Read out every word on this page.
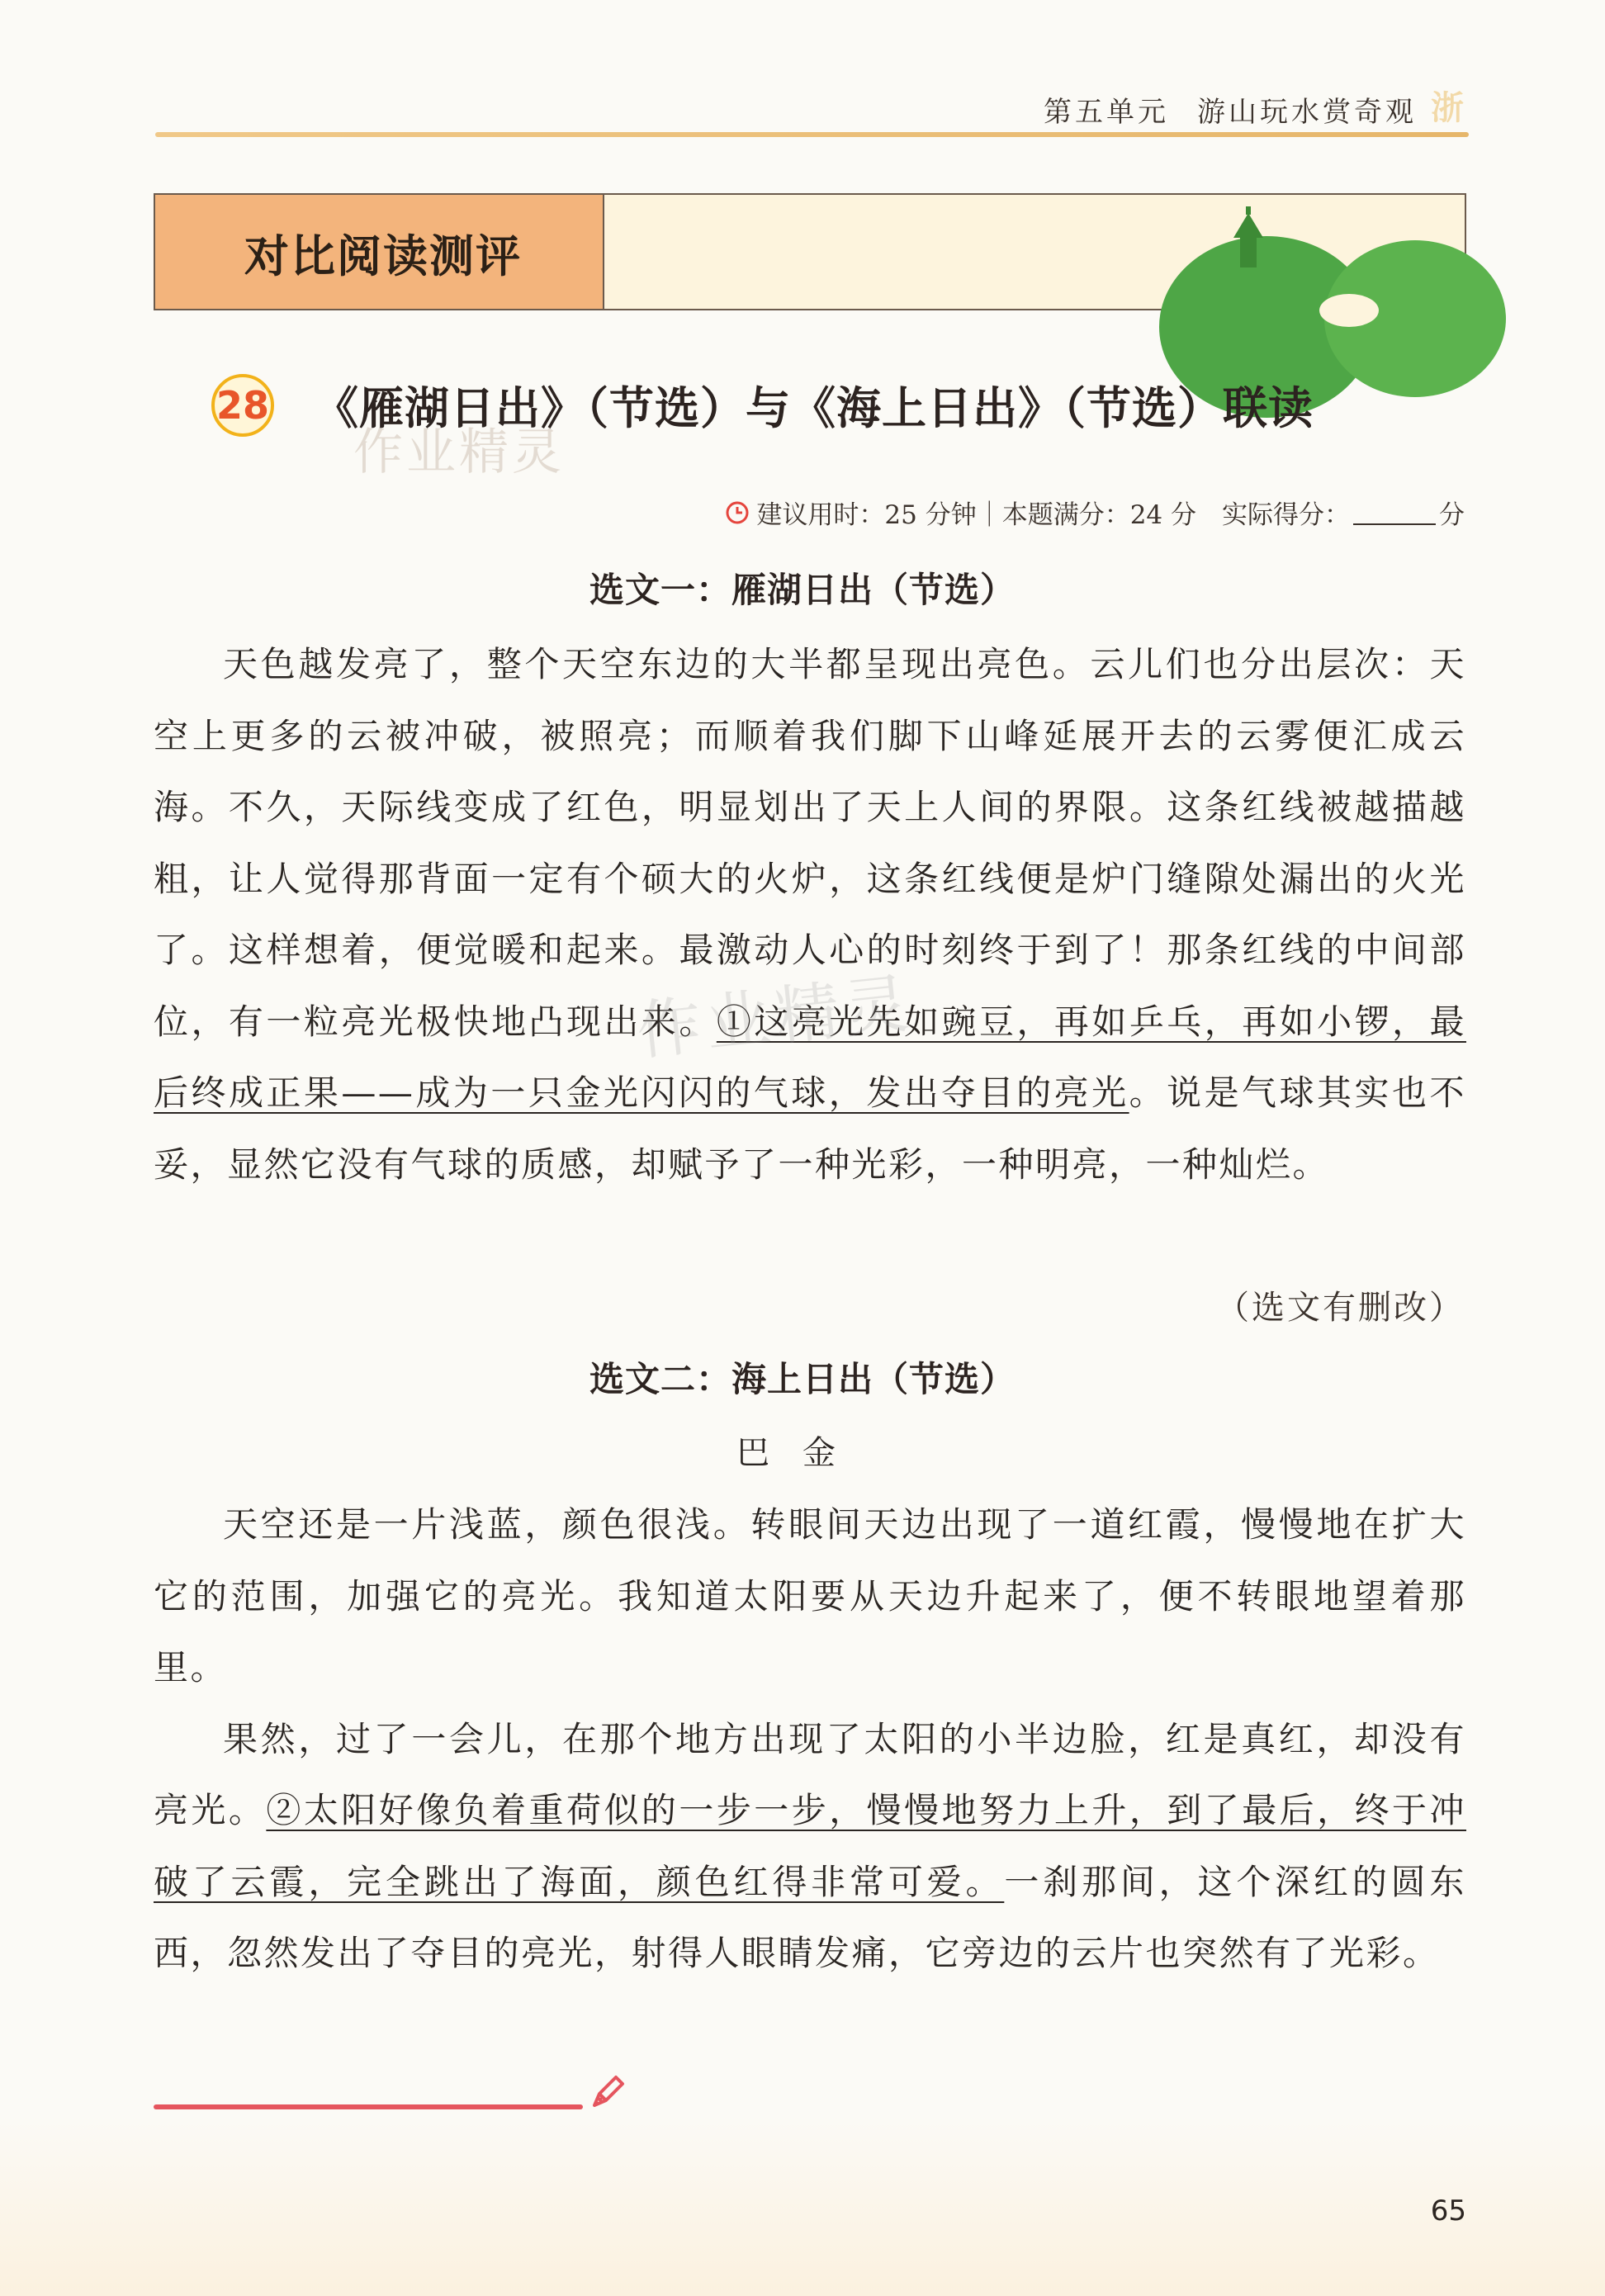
第五单元 游山玩水赏奇观 浙
作业精灵
对比阅读测评
28 《雁湖日出》（节选）与《海上日出》（节选）联读
建议用时：25 分钟｜本题满分：24 分　实际得分：	分
选文一：雁湖日出（节选）

天色越发亮了，整个天空东边的大半都呈现出亮色。云儿们也分出层次：天空上更多的云被冲破，被照亮；而顺着我们脚下山峰延展开去的云雾便汇成云海。不久，天际线变成了红色，明显划出了天上人间的界限。这条红线被越描越粗，让人觉得那背面一定有个硕大的火炉，这条红线便是炉门缝隙处漏出的火光了。这样想着，便觉暖和起来。最激动人心的时刻终于到了！那条红线的中间部位，有一粒亮光极快地凸现出来。①这亮光先如豌豆，再如乒乓，再如小锣，最后终成正果——成为一只金光闪闪的气球，发出夺目的亮光。说是气球其实也不妥，显然它没有气球的质感，却赋予了一种光彩，一种明亮，一种灿烂。

（选文有删改）
选文二：海上日出（节选）
巴金

天空还是一片浅蓝，颜色很浅。转眼间天边出现了一道红霞，慢慢地在扩大它的范围，加强它的亮光。我知道太阳要从天边升起来了，便不转眼地望着那里。

果然，过了一会儿，在那个地方出现了太阳的小半边脸，红是真红，却没有亮光。②太阳好像负着重荷似的一步一步，慢慢地努力上升，到了最后，终于冲破了云霞，完全跳出了海面，颜色红得非常可爱。一刹那间，这个深红的圆东西，忽然发出了夺目的亮光，射得人眼睛发痛，它旁边的云片也突然有了光彩。

作业精灵
65
